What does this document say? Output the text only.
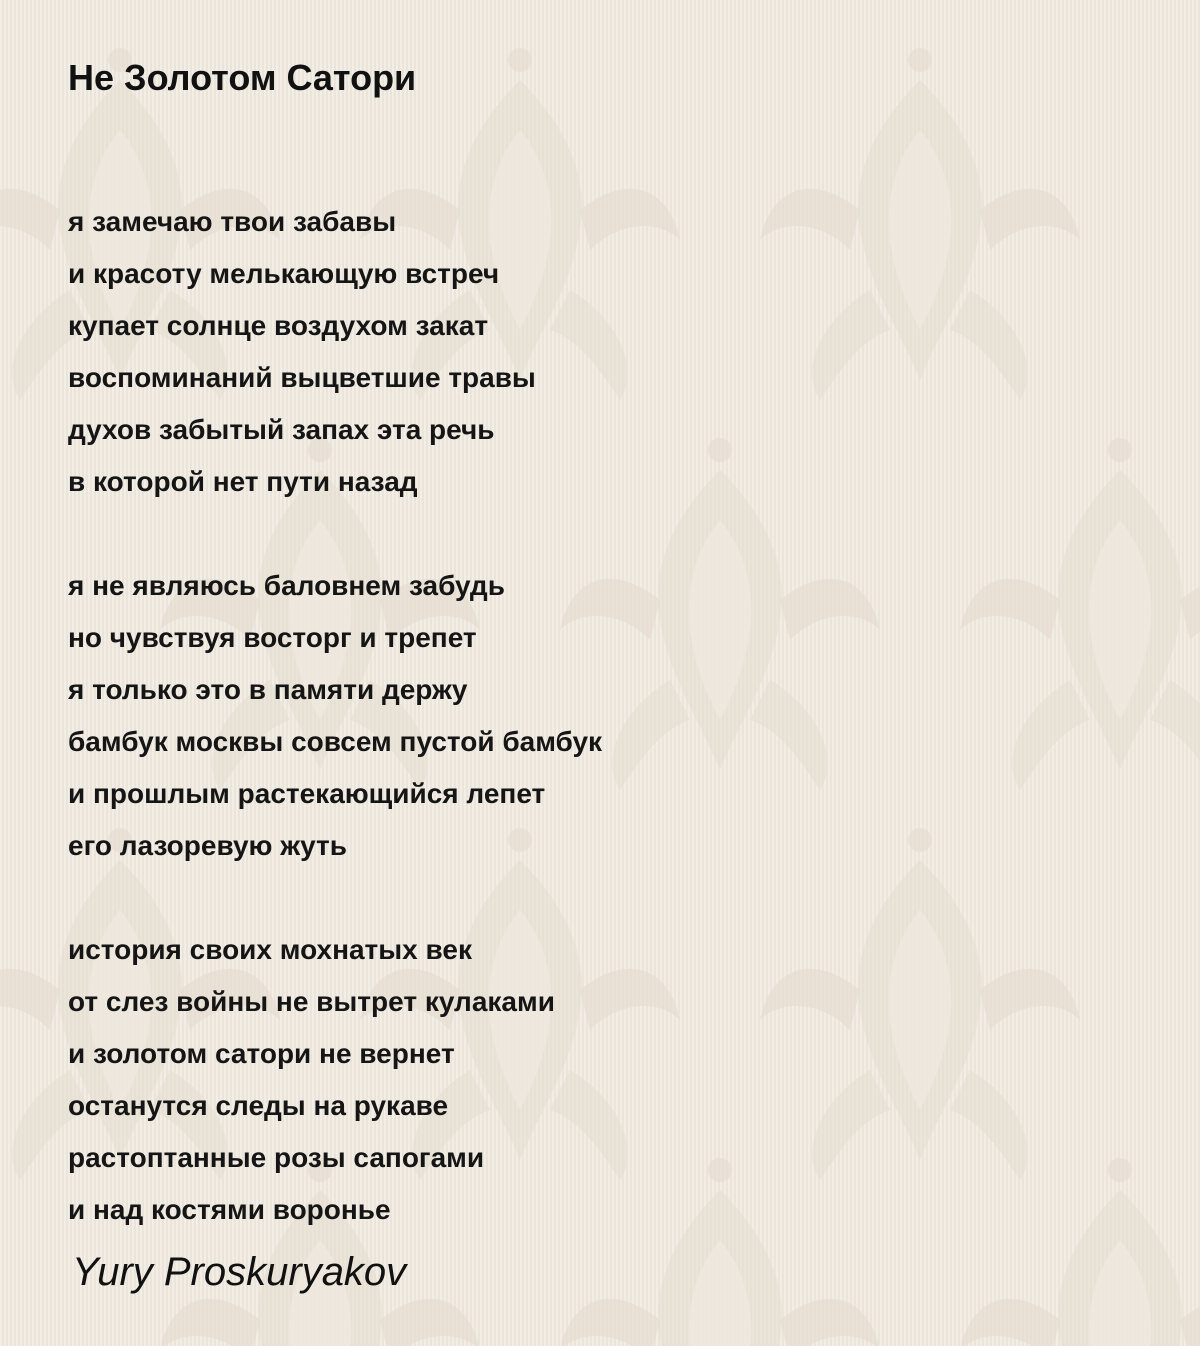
Не Золотом Сатори
я замечаю твои забавы
и красоту мелькающую встреч
купает солнце воздухом закат
воспоминаний выцветшие травы
духов забытый запах эта речь
в которой нет пути назад
я не являюсь баловнем забудь
но чувствуя восторг и трепет
я только это в памяти держу
бамбук москвы совсем пустой бамбук
и прошлым растекающийся лепет
его лазоревую жуть
история своих мохнатых век
от слез войны не вытрет кулаками
и золотом сатори не вернет
останутся следы на рукаве
растоптанные розы сапогами
и над костями воронье
Yury Proskuryakov
